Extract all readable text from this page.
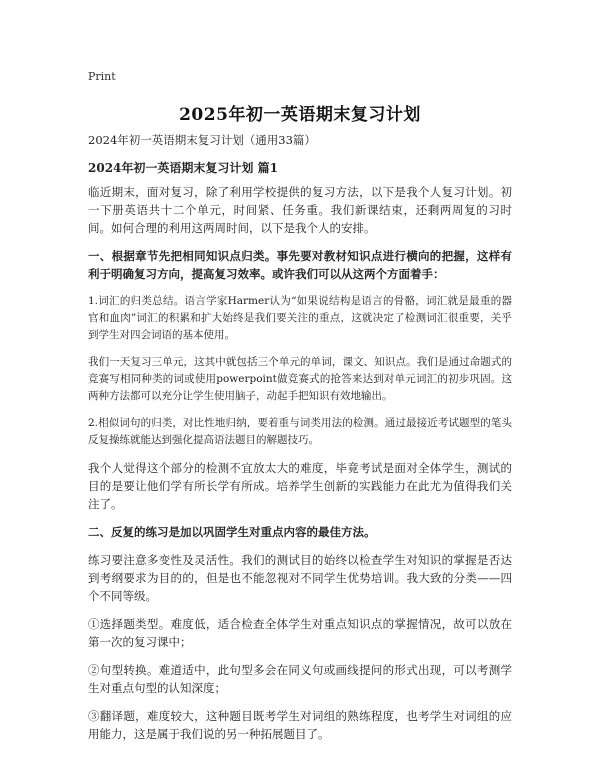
Print
2025年初一英语期末复习计划

2024年初一英语期末复习计划（通用33篇）

2024年初一英语期末复习计划 篇1

临近期末，面对复习，除了利用学校提供的复习方法，以下是我个人复习计划。初一下册英语共十二个单元，时间紧、任务重。我们新课结束，还剩两周复的习时间。如何合理的利用这两周时间，以下是我个人的安排。

一、根据章节先把相同知识点归类。事先要对教材知识点进行横向的把握，这样有利于明确复习方向，提高复习效率。或许我们可以从这两个方面着手：

1.词汇的归类总结。语言学家Harmer认为“如果说结构是语言的骨骼，词汇就是最重的器官和血肉”词汇的积累和扩大始终是我们要关注的重点，这就决定了检测词汇很重要，关乎到学生对四会词语的基本使用。

我们一天复习三单元，这其中就包括三个单元的单词，课文、知识点。我们是通过命题式的竞赛写相同种类的词或使用powerpoint做竞赛式的抢答来达到对单元词汇的初步巩固。这两种方法都可以充分让学生使用脑子，动起手把知识有效地输出。

2.相似词句的归类，对比性地归纳，要着重与词类用法的检测。通过最接近考试题型的笔头反复操练就能达到强化提高语法题目的解题技巧。

我个人觉得这个部分的检测不宜放太大的难度，毕竟考试是面对全体学生，测试的目的是要让他们学有所长学有所成。培养学生创新的实践能力在此尤为值得我们关注了。

二、反复的练习是加以巩固学生对重点内容的最佳方法。

练习要注意多变性及灵活性。我们的测试目的始终以检查学生对知识的掌握是否达到考纲要求为目的的，但是也不能忽视对不同学生优势培训。我大致的分类——四个不同等级。

①选择题类型。难度低，适合检查全体学生对重点知识点的掌握情况，故可以放在第一次的复习课中；

②句型转换。难道适中，此句型多会在同义句或画线提问的形式出现，可以考测学生对重点句型的认知深度；

③翻译题，难度较大，这种题目既考学生对词组的熟练程度，也考学生对词组的应用能力，这是属于我们说的另一种拓展题目了。
